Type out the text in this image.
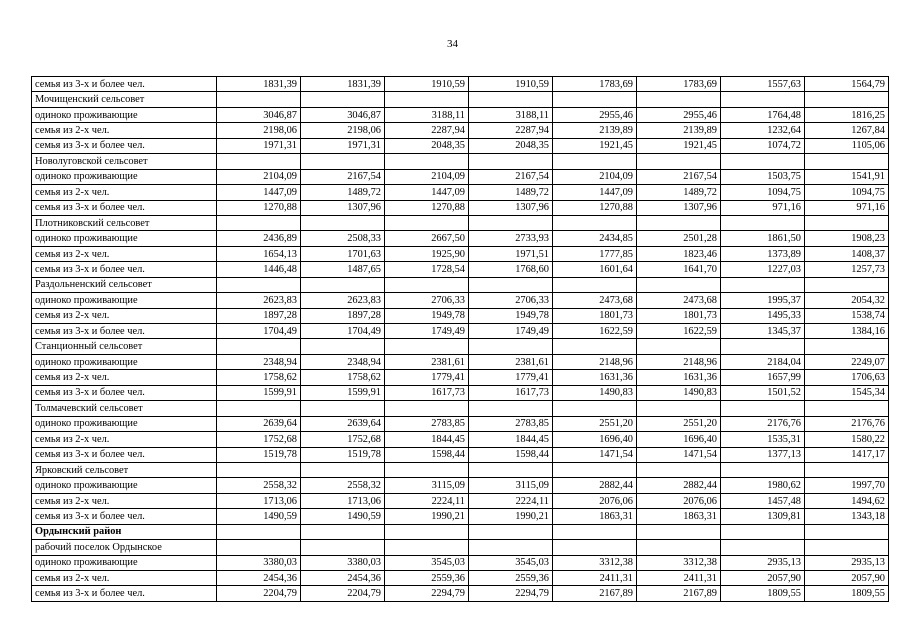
34
семья из 3-х и более чел.	1831,39	1831,39	1910,59	1910,59	1783,69	1783,69	1557,63	1564,79
Мочищенский сельсовет								
одиноко проживающие	3046,87	3046,87	3188,11	3188,11	2955,46	2955,46	1764,48	1816,25
семья из 2-х чел.	2198,06	2198,06	2287,94	2287,94	2139,89	2139,89	1232,64	1267,84
семья из 3-х и более чел.	1971,31	1971,31	2048,35	2048,35	1921,45	1921,45	1074,72	1105,06
Новолуговской сельсовет								
одиноко проживающие	2104,09	2167,54	2104,09	2167,54	2104,09	2167,54	1503,75	1541,91
семья из 2-х чел.	1447,09	1489,72	1447,09	1489,72	1447,09	1489,72	1094,75	1094,75
семья из 3-х и более чел.	1270,88	1307,96	1270,88	1307,96	1270,88	1307,96	971,16	971,16
Плотниковский сельсовет								
одиноко проживающие	2436,89	2508,33	2667,50	2733,93	2434,85	2501,28	1861,50	1908,23
семья из 2-х чел.	1654,13	1701,63	1925,90	1971,51	1777,85	1823,46	1373,89	1408,37
семья из 3-х и более чел.	1446,48	1487,65	1728,54	1768,60	1601,64	1641,70	1227,03	1257,73
Раздольненский сельсовет								
одиноко проживающие	2623,83	2623,83	2706,33	2706,33	2473,68	2473,68	1995,37	2054,32
семья из 2-х чел.	1897,28	1897,28	1949,78	1949,78	1801,73	1801,73	1495,33	1538,74
семья из 3-х и более чел.	1704,49	1704,49	1749,49	1749,49	1622,59	1622,59	1345,37	1384,16
Станционный сельсовет								
одиноко проживающие	2348,94	2348,94	2381,61	2381,61	2148,96	2148,96	2184,04	2249,07
семья из 2-х чел.	1758,62	1758,62	1779,41	1779,41	1631,36	1631,36	1657,99	1706,63
семья из 3-х и более чел.	1599,91	1599,91	1617,73	1617,73	1490,83	1490,83	1501,52	1545,34
Толмачевский сельсовет								
одиноко проживающие	2639,64	2639,64	2783,85	2783,85	2551,20	2551,20	2176,76	2176,76
семья из 2-х чел.	1752,68	1752,68	1844,45	1844,45	1696,40	1696,40	1535,31	1580,22
семья из 3-х и более чел.	1519,78	1519,78	1598,44	1598,44	1471,54	1471,54	1377,13	1417,17
Ярковский сельсовет								
одиноко проживающие	2558,32	2558,32	3115,09	3115,09	2882,44	2882,44	1980,62	1997,70
семья из 2-х чел.	1713,06	1713,06	2224,11	2224,11	2076,06	2076,06	1457,48	1494,62
семья из 3-х и более чел.	1490,59	1490,59	1990,21	1990,21	1863,31	1863,31	1309,81	1343,18
Ордынский район								
рабочий поселок Ордынское								
одиноко проживающие	3380,03	3380,03	3545,03	3545,03	3312,38	3312,38	2935,13	2935,13
семья из 2-х чел.	2454,36	2454,36	2559,36	2559,36	2411,31	2411,31	2057,90	2057,90
семья из 3-х и более чел.	2204,79	2204,79	2294,79	2294,79	2167,89	2167,89	1809,55	1809,55
